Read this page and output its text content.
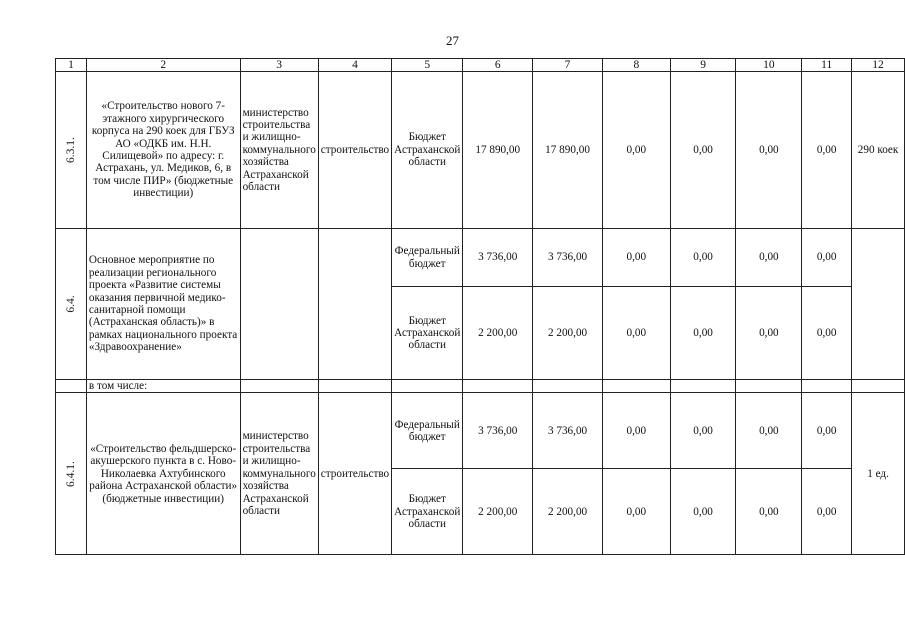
27
1	2	3	4	5	6	7	8	9	10	11	12

6.3.1.	«Строительство нового 7-этажного хирургического корпуса на 290 коек для ГБУЗ АО «ОДКБ им. Н.Н. Силищевой» по адресу: г. Астрахань, ул. Медиков, 6, в том числе ПИР» (бюджетные инвестиции)	министерство строительства и жилищно-коммунального хозяйства Астраханской области	строительство	Бюджет Астраханской области	17 890,00	17 890,00	0,00	0,00	0,00	0,00	290 коек

6.4.	Основное мероприятие по реализации регионального проекта «Развитие системы оказания первичной медико-санитарной помощи (Астраханская область)» в рамках национального проекта «Здравоохранение»			Федеральный бюджет	3 736,00	3 736,00	0,00	0,00	0,00	0,00	
				Бюджет Астраханской области	2 200,00	2 200,00	0,00	0,00	0,00	0,00	
	в том числе:										

6.4.1.	«Строительство фельдшерско-акушерского пункта в с. Ново-Николаевка Ахтубинского района Астраханской области» (бюджетные инвестиции)	министерство строительства и жилищно-коммунального хозяйства Астраханской области	строительство	Федеральный бюджет	3 736,00	3 736,00	0,00	0,00	0,00	0,00	1 ед.
				Бюджет Астраханской области	2 200,00	2 200,00	0,00	0,00	0,00	0,00	
